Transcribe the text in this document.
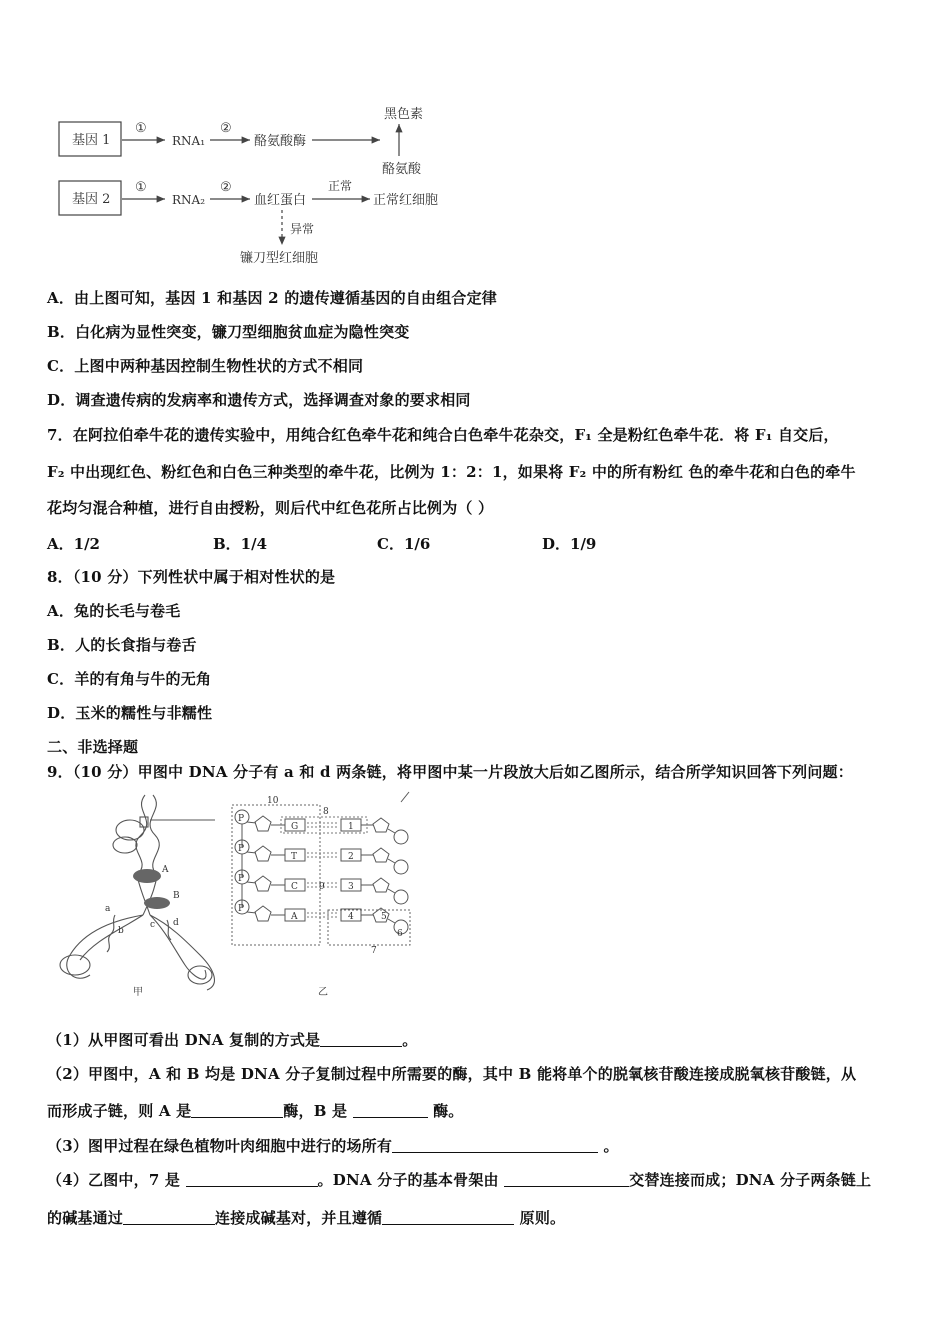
基因 1
①
RNA₁
②
酪氨酸酶
黑色素
酪氨酸
基因 2
①
RNA₂
②
血红蛋白
正常
正常红细胞
异常
镰刀型红细胞
A．由上图可知，基因 1 和基因 2 的遗传遵循基因的自由组合定律
B．白化病为显性突变，镰刀型细胞贫血症为隐性突变
C．上图中两种基因控制生物性状的方式不相同
D．调查遗传病的发病率和遗传方式，选择调查对象的要求相同
7．在阿拉伯牵牛花的遗传实验中，用纯合红色牵牛花和纯合白色牵牛花杂交，F₁ 全是粉红色牵牛花．将 F₁ 自交后，
F₂ 中出现红色、粉红色和白色三种类型的牵牛花，比例为 1：2：1，如果将 F₂ 中的所有粉红 色的牵牛花和白色的牵牛
花均匀混合种植，进行自由授粉，则后代中红色花所占比例为（ ）
A．1/2	B．1/4	C．1/6	D．1/9
8．（10 分）下列性状中属于相对性状的是
A．兔的长毛与卷毛
B．人的长食指与卷舌
C．羊的有角与牛的无角
D．玉米的糯性与非糯性
二、非选择题
9．（10 分）甲图中 DNA 分子有 a 和 d 两条链，将甲图中某一片段放大后如乙图所示，结合所学知识回答下列问题：
A
B
a
b
c d
甲
10
P
G	1
P
T	2
P
C	3
P
A	4
8
9
5
6
7
乙
（1）从甲图可看出 DNA 复制的方式是	。
（2）甲图中，A 和 B 均是 DNA 分子复制过程中所需要的酶，其中 B 能将单个的脱氧核苷酸连接成脱氧核苷酸链，从
而形成子链，则 A 是	酶，B 是	酶。
（3）图甲过程在绿色植物叶肉细胞中进行的场所有	。
（4）乙图中，7 是	。DNA 分子的基本骨架由	交替连接而成；DNA 分子两条链上
的碱基通过	连接成碱基对，并且遵循	原则。
